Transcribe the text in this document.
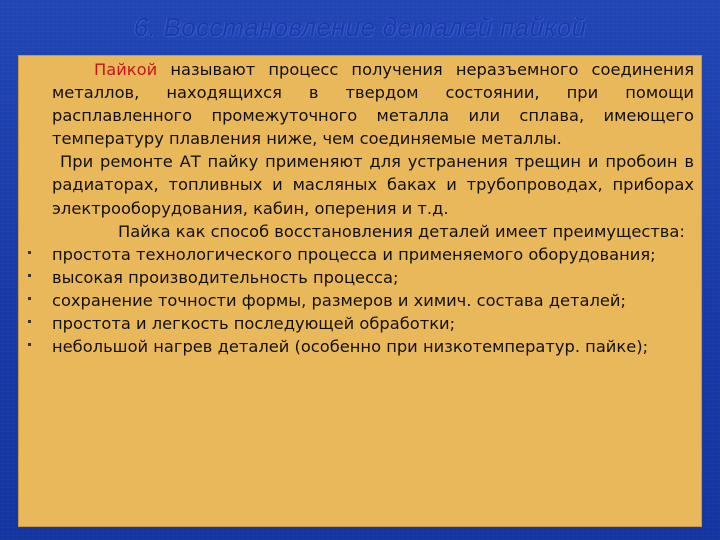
6. Восстановление деталей пайкой

Пайкой называют процесс получения неразъемного соединения металлов, находящихся в твердом состоянии, при помощи расплавленного промежуточного металла или сплава, имеющего температуру плавления ниже, чем соединяемые металлы.

При ремонте АТ пайку применяют для устранения трещин и пробоин в радиаторах, топливных и масляных баках и трубопроводах, приборах электрооборудования, кабин, оперения и т.д.

Пайка как способ восстановления деталей имеет преимущества:

простота технологического процесса и применяемого оборудования;
высокая производительность процесса;
сохранение точности формы, размеров и химич. состава деталей;
простота и легкость последующей обработки;
небольшой нагрев деталей (особенно при низкотемператур. пайке);
